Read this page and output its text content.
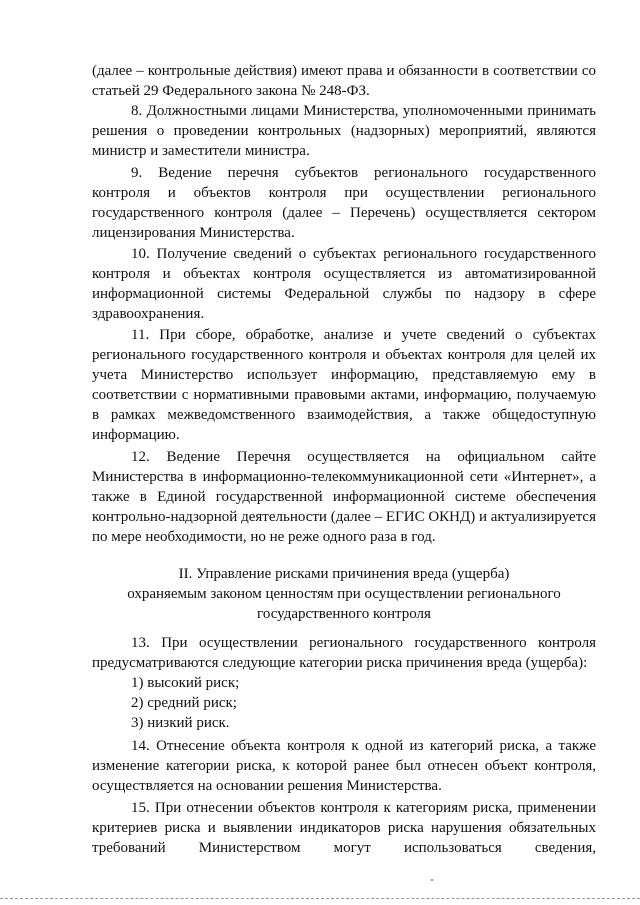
(далее – контрольные действия) имеют права и обязанности в соответствии со
статьей 29 Федерального закона № 248-ФЗ.
8. Должностными лицами Министерства, уполномоченными принимать
решения о проведении контрольных (надзорных) мероприятий, являются
министр и заместители министра.
9. Ведение перечня субъектов регионального государственного
контроля и объектов контроля при осуществлении регионального
государственного контроля (далее – Перечень) осуществляется сектором
лицензирования Министерства.
10. Получение сведений о субъектах регионального государственного
контроля и объектах контроля осуществляется из автоматизированной
информационной системы Федеральной службы по надзору в сфере
здравоохранения.
11. При сборе, обработке, анализе и учете сведений о субъектах
регионального государственного контроля и объектах контроля для целей их
учета Министерство использует информацию, представляемую ему в
соответствии с нормативными правовыми актами, информацию, получаемую
в рамках межведомственного взаимодействия, а также общедоступную
информацию.
12. Ведение Перечня осуществляется на официальном сайте
Министерства в информационно-телекоммуникационной сети «Интернет», а
также в Единой государственной информационной системе обеспечения
контрольно-надзорной деятельности (далее – ЕГИС ОКНД) и актуализируется
по мере необходимости, но не реже одного раза в год.
II. Управление рисками причинения вреда (ущерба)
охраняемым законом ценностям при осуществлении регионального
государственного контроля
13. При осуществлении регионального государственного контроля
предусматриваются следующие категории риска причинения вреда (ущерба):
1) высокий риск;
2) средний риск;
3) низкий риск.
14. Отнесение объекта контроля к одной из категорий риска, а также
изменение категории риска, к которой ранее был отнесен объект контроля,
осуществляется на основании решения Министерства.
15. При отнесении объектов контроля к категориям риска, применении
критериев риска и выявлении индикаторов риска нарушения обязательных
требований Министерством могут использоваться сведения,
